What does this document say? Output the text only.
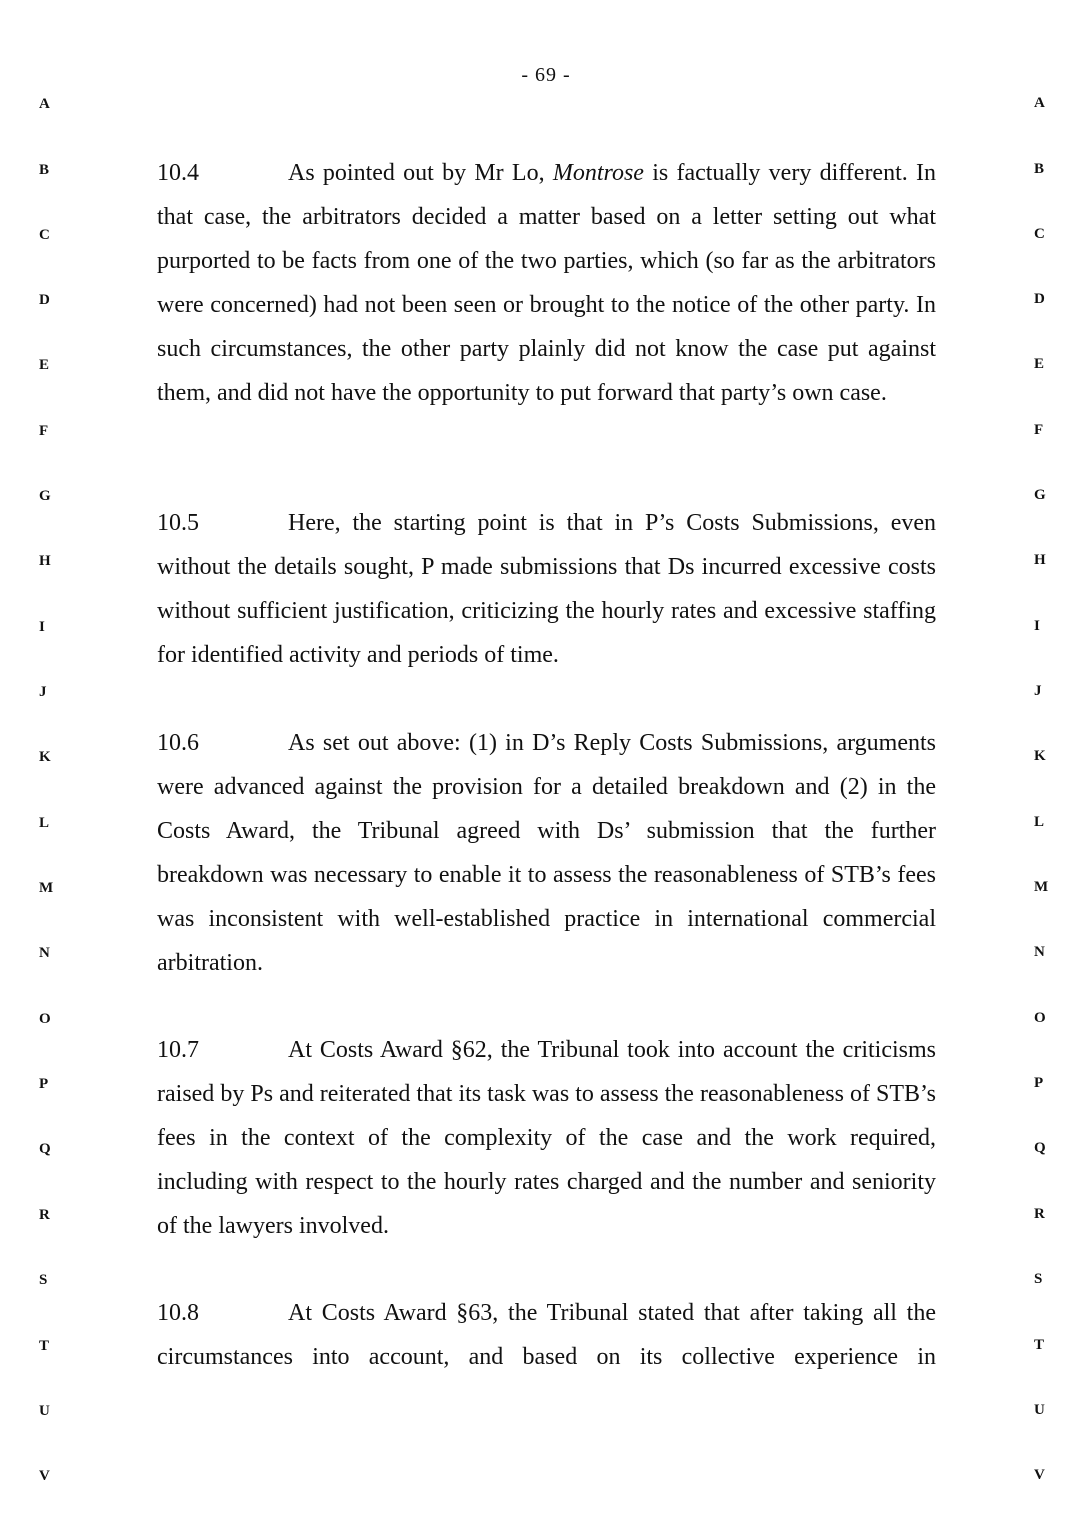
- 69 -
A
B
C
D
E
F
G
H
I
J
K
L
M
N
O
P
Q
R
S
T
U
V
A
B
C
D
E
F
G
H
I
J
K
L
M
N
O
P
Q
R
S
T
U
V
10.4	As pointed out by Mr Lo, Montrose is factually very different. In that case, the arbitrators decided a matter based on a letter setting out what purported to be facts from one of the two parties, which (so far as the arbitrators were concerned) had not been seen or brought to the notice of the other party. In such circumstances, the other party plainly did not know the case put against them, and did not have the opportunity to put forward that party’s own case.
10.5	Here, the starting point is that in P’s Costs Submissions, even without the details sought, P made submissions that Ds incurred excessive costs without sufficient justification, criticizing the hourly rates and excessive staffing for identified activity and periods of time.
10.6	As set out above: (1) in D’s Reply Costs Submissions, arguments were advanced against the provision for a detailed breakdown and (2) in the Costs Award, the Tribunal agreed with Ds’ submission that the further breakdown was necessary to enable it to assess the reasonableness of STB’s fees was inconsistent with well-established practice in international commercial arbitration.
10.7	At Costs Award §62, the Tribunal took into account the criticisms raised by Ps and reiterated that its task was to assess the reasonableness of STB’s fees in the context of the complexity of the case and the work required, including with respect to the hourly rates charged and the number and seniority of the lawyers involved.
10.8	At Costs Award §63, the Tribunal stated that after taking all the circumstances into account, and based on its collective experience in
